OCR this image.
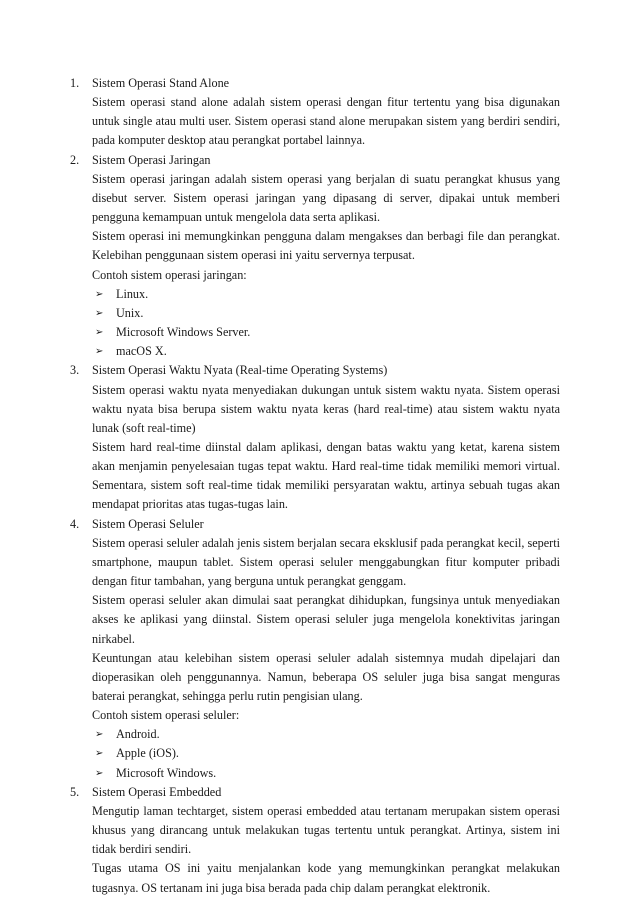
1.	Sistem Operasi Stand Alone

Sistem operasi stand alone adalah sistem operasi dengan fitur tertentu yang bisa digunakan untuk single atau multi user. Sistem operasi stand alone merupakan sistem yang berdiri sendiri, pada komputer desktop atau perangkat portabel lainnya.

2.	Sistem Operasi Jaringan

Sistem operasi jaringan adalah sistem operasi yang berjalan di suatu perangkat khusus yang disebut server. Sistem operasi jaringan yang dipasang di server, dipakai untuk memberi pengguna kemampuan untuk mengelola data serta aplikasi.

Sistem operasi ini memungkinkan pengguna dalam mengakses dan berbagi file dan perangkat. Kelebihan penggunaan sistem operasi ini yaitu servernya terpusat.

Contoh sistem operasi jaringan:

➢ Linux.
➢ Unix.
➢ Microsoft Windows Server.
➢ macOS X.
3.	Sistem Operasi Waktu Nyata (Real-time Operating Systems)

Sistem operasi waktu nyata menyediakan dukungan untuk sistem waktu nyata. Sistem operasi waktu nyata bisa berupa sistem waktu nyata keras (hard real-time) atau sistem waktu nyata lunak (soft real-time)

Sistem hard real-time diinstal dalam aplikasi, dengan batas waktu yang ketat, karena sistem akan menjamin penyelesaian tugas tepat waktu. Hard real-time tidak memiliki memori virtual. Sementara, sistem soft real-time tidak memiliki persyaratan waktu, artinya sebuah tugas akan mendapat prioritas atas tugas-tugas lain.

4.	Sistem Operasi Seluler

Sistem operasi seluler adalah jenis sistem berjalan secara eksklusif pada perangkat kecil, seperti smartphone, maupun tablet. Sistem operasi seluler menggabungkan fitur komputer pribadi dengan fitur tambahan, yang berguna untuk perangkat genggam.

Sistem operasi seluler akan dimulai saat perangkat dihidupkan, fungsinya untuk menyediakan akses ke aplikasi yang diinstal. Sistem operasi seluler juga mengelola konektivitas jaringan nirkabel.

Keuntungan atau kelebihan sistem operasi seluler adalah sistemnya mudah dipelajari dan dioperasikan oleh penggunannya. Namun, beberapa OS seluler juga bisa sangat menguras baterai perangkat, sehingga perlu rutin pengisian ulang.

Contoh sistem operasi seluler:

➢ Android.
➢ Apple (iOS).
➢ Microsoft Windows.
5.	Sistem Operasi Embedded

Mengutip laman techtarget, sistem operasi embedded atau tertanam merupakan sistem operasi khusus yang dirancang untuk melakukan tugas tertentu untuk perangkat. Artinya, sistem ini tidak berdiri sendiri.

Tugas utama OS ini yaitu menjalankan kode yang memungkinkan perangkat melakukan tugasnya. OS tertanam ini juga bisa berada pada chip dalam perangkat elektronik.
